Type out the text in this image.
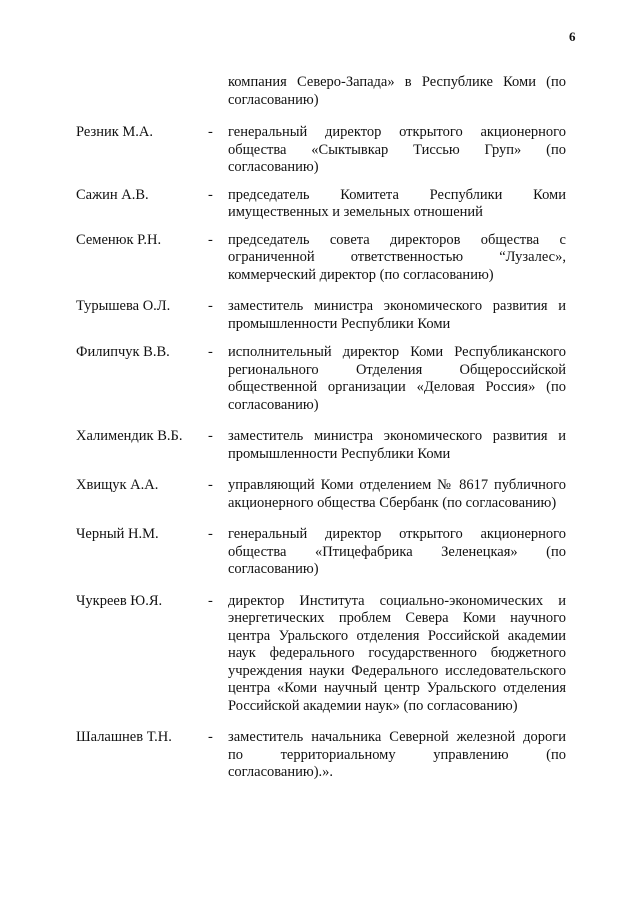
6
компания Северо-Запада» в Республике Коми (по согласованию)
Резник М.А.	-	генеральный директор открытого акционерного общества «Сыктывкар Тиссью Груп» (по согласованию)
Сажин А.В.	-	председатель Комитета Республики Коми имущественных и земельных отношений
Семенюк Р.Н.	-	председатель совета директоров общества с ограниченной ответственностью “Лузалес», коммерческий директор (по согласованию)
Турышева О.Л.	-	заместитель министра экономического развития и промышленности Республики Коми
Филипчук В.В.	-	исполнительный директор Коми Республиканского регионального Отделения Общероссийской общественной организации «Деловая Россия» (по согласованию)
Халимендик В.Б.	-	заместитель министра экономического развития и промышленности Республики Коми
Хвищук А.А.	-	управляющий Коми отделением № 8617 публичного акционерного общества Сбербанк (по согласованию)
Черный Н.М.	-	генеральный директор открытого акционерного общества «Птицефабрика Зеленецкая» (по согласованию)
Чукреев Ю.Я.	-	директор Института социально-экономических и энергетических проблем Севера Коми научного центра Уральского отделения Российской академии наук федерального государственного бюджетного учреждения науки Федерального исследовательского центра «Коми научный центр Уральского отделения Российской академии наук» (по согласованию)
Шалашнев Т.Н.	-	заместитель начальника Северной железной дороги по территориальному управлению (по согласованию).».
